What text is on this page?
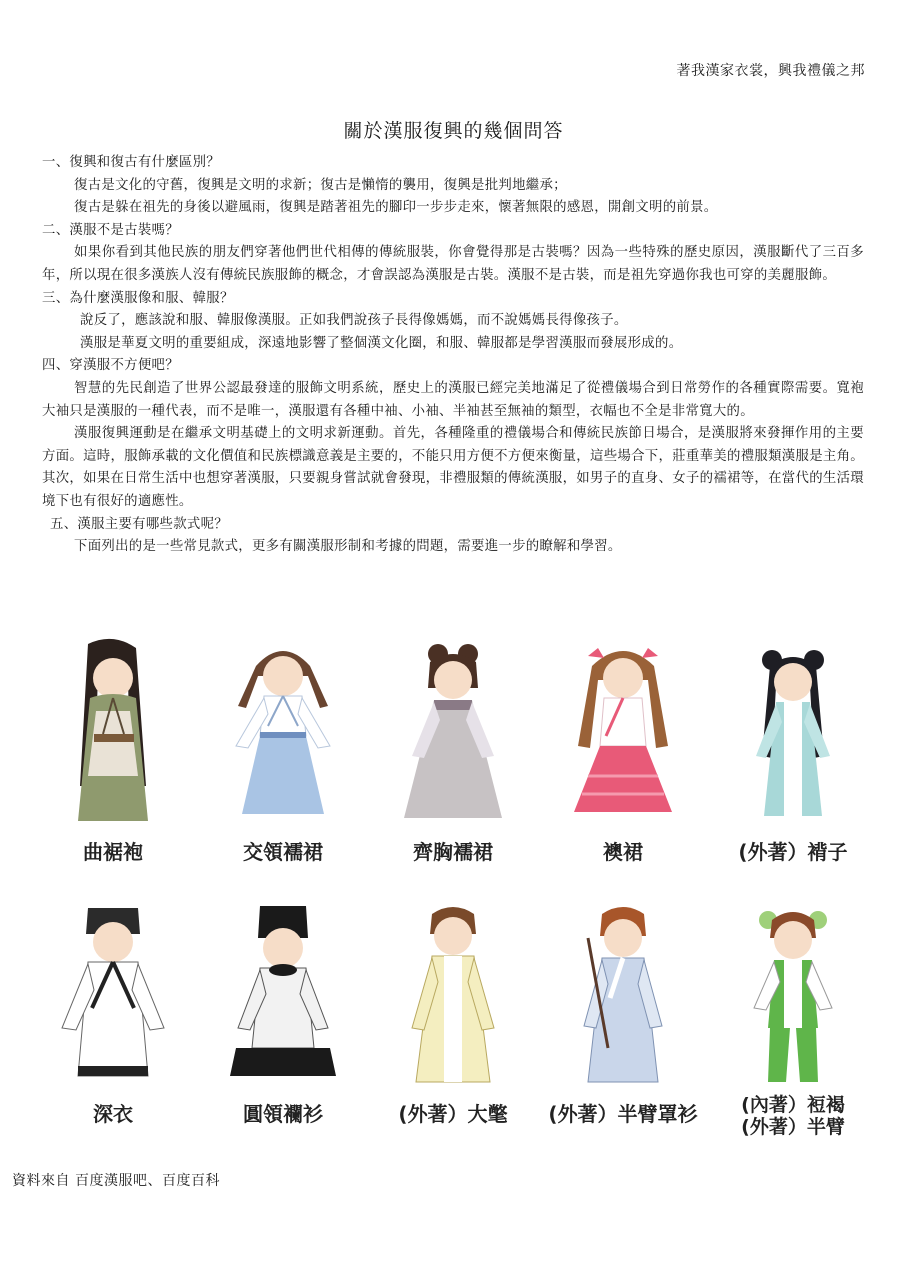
著我漢家衣裳，興我禮儀之邦
關於漢服復興的幾個問答

一、復興和復古有什麼區別？

復古是文化的守舊，復興是文明的求新；復古是懶惰的襲用，復興是批判地繼承；

復古是躲在祖先的身後以避風雨，復興是踏著祖先的腳印一步步走來，懷著無限的感恩，開創文明的前景。

二、漢服不是古裝嗎？

如果你看到其他民族的朋友們穿著他們世代相傳的傳統服裝，你會覺得那是古裝嗎？因為一些特殊的歷史原因，漢服斷代了三百多年，所以現在很多漢族人沒有傳統民族服飾的概念，才會誤認為漢服是古裝。漢服不是古裝，而是祖先穿過你我也可穿的美麗服飾。

三、為什麼漢服像和服、韓服？

說反了，應該說和服、韓服像漢服。正如我們說孩子長得像媽媽，而不說媽媽長得像孩子。

漢服是華夏文明的重要組成，深遠地影響了整個漢文化圈，和服、韓服都是學習漢服而發展形成的。

四、穿漢服不方便吧？

智慧的先民創造了世界公認最發達的服飾文明系統，歷史上的漢服已經完美地滿足了從禮儀場合到日常勞作的各種實際需要。寬袍大袖只是漢服的一種代表，而不是唯一，漢服還有各種中袖、小袖、半袖甚至無袖的類型，衣幅也不全是非常寬大的。

漢服復興運動是在繼承文明基礎上的文明求新運動。首先，各種隆重的禮儀場合和傳統民族節日場合，是漢服將來發揮作用的主要方面。這時，服飾承載的文化價值和民族標識意義是主要的，不能只用方便不方便來衡量，這些場合下，莊重華美的禮服類漢服是主角。其次，如果在日常生活中也想穿著漢服，只要親身嘗試就會發現，非禮服類的傳統漢服，如男子的直身、女子的襦裙等，在當代的生活環境下也有很好的適應性。

五、漢服主要有哪些款式呢？

下面列出的是一些常見款式，更多有關漢服形制和考據的問題，需要進一步的瞭解和學習。

曲裾袍	交領襦裙	齊胸襦裙	襖裙	(外著）褙子
深衣	圓領襴衫	(外著）大氅	(外著）半臂罩衫	(內著）裋褐
(外著）半臂
資料來自 百度漢服吧、百度百科
